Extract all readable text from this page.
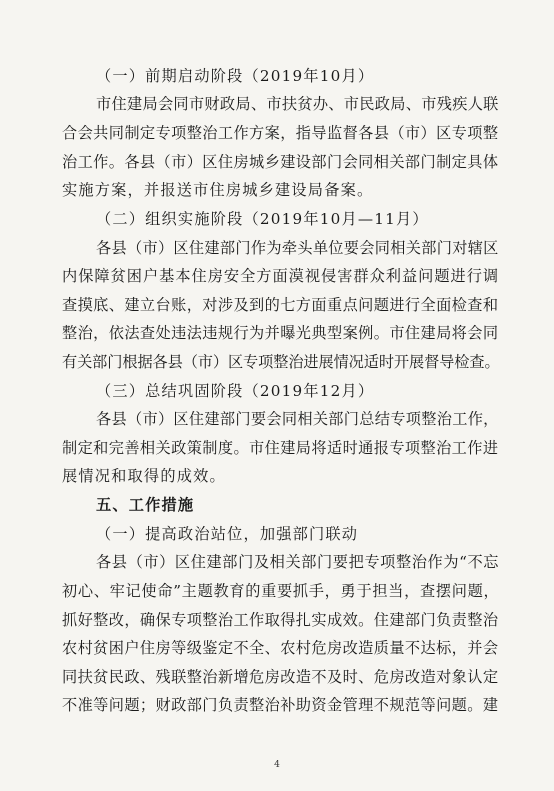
（一）前期启动阶段（2019年10月）
市住建局会同市财政局、市扶贫办、市民政局、市残疾人联
合会共同制定专项整治工作方案，指导监督各县（市）区专项整
治工作。各县（市）区住房城乡建设部门会同相关部门制定具体
实施方案，并报送市住房城乡建设局备案。
（二）组织实施阶段（2019年10月—11月）
各县（市）区住建部门作为牵头单位要会同相关部门对辖区
内保障贫困户基本住房安全方面漠视侵害群众利益问题进行调
查摸底、建立台账，对涉及到的七方面重点问题进行全面检查和
整治，依法查处违法违规行为并曝光典型案例。市住建局将会同
有关部门根据各县（市）区专项整治进展情况适时开展督导检查。
（三）总结巩固阶段（2019年12月）
各县（市）区住建部门要会同相关部门总结专项整治工作，
制定和完善相关政策制度。市住建局将适时通报专项整治工作进
展情况和取得的成效。
五、工作措施
（一）提高政治站位，加强部门联动
各县（市）区住建部门及相关部门要把专项整治作为“不忘
初心、牢记使命”主题教育的重要抓手，勇于担当，查摆问题，
抓好整改，确保专项整治工作取得扎实成效。住建部门负责整治
农村贫困户住房等级鉴定不全、农村危房改造质量不达标，并会
同扶贫民政、残联整治新增危房改造不及时、危房改造对象认定
不准等问题；财政部门负责整治补助资金管理不规范等问题。建
4
